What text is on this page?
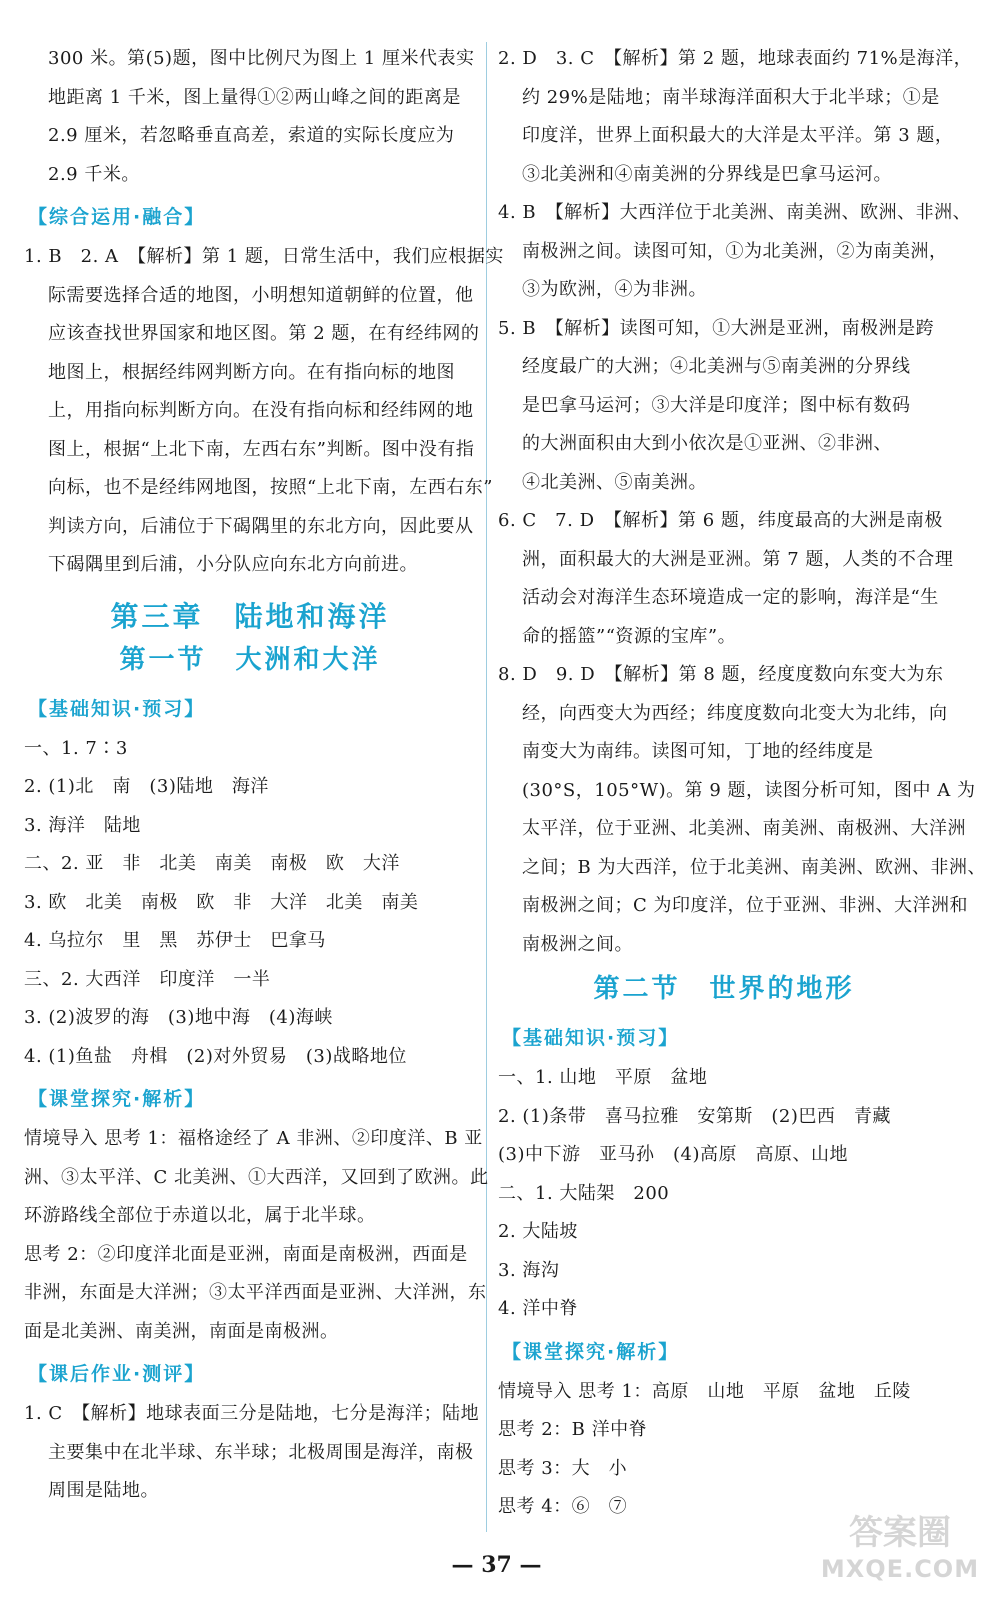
300 米。第(5)题，图中比例尺为图上 1 厘米代表实

地距离 1 千米，图上量得①②两山峰之间的距离是

2.9 厘米，若忽略垂直高差，索道的实际长度应为

2.9 千米。

【综合运用·融合】

1. B　2. A　【解析】第 1 题，日常生活中，我们应根据实

际需要选择合适的地图，小明想知道朝鲜的位置，他

应该查找世界国家和地区图。第 2 题，在有经纬网的

地图上，根据经纬网判断方向。在有指向标的地图

上，用指向标判断方向。在没有指向标和经纬网的地

图上，根据“上北下南，左西右东”判断。图中没有指

向标，也不是经纬网地图，按照“上北下南，左西右东”

判读方向，后浦位于下碣隅里的东北方向，因此要从

下碣隅里到后浦，小分队应向东北方向前进。

第三章　陆地和海洋
第一节　大洲和大洋
【基础知识·预习】

一、1. 7∶3

2. (1)北　南　(3)陆地　海洋

3. 海洋　陆地

二、2. 亚　非　北美　南美　南极　欧　大洋

3. 欧　北美　南极　欧　非　大洋　北美　南美

4. 乌拉尔　里　黑　苏伊士　巴拿马

三、2. 大西洋　印度洋　一半

3. (2)波罗的海　(3)地中海　(4)海峡

4. (1)鱼盐　舟楫　(2)对外贸易　(3)战略地位

【课堂探究·解析】

情境导入 思考 1：福格途经了 A 非洲、②印度洋、B 亚

洲、③太平洋、C 北美洲、①大西洋，又回到了欧洲。此

环游路线全部位于赤道以北，属于北半球。

思考 2：②印度洋北面是亚洲，南面是南极洲，西面是

非洲，东面是大洋洲；③太平洋西面是亚洲、大洋洲，东

面是北美洲、南美洲，南面是南极洲。

【课后作业·测评】

1. C　【解析】地球表面三分是陆地，七分是海洋；陆地

主要集中在北半球、东半球；北极周围是海洋，南极

周围是陆地。

2. D　3. C　【解析】第 2 题，地球表面约 71%是海洋，

约 29%是陆地；南半球海洋面积大于北半球；①是

印度洋，世界上面积最大的大洋是太平洋。第 3 题，

③北美洲和④南美洲的分界线是巴拿马运河。

4. B　【解析】大西洋位于北美洲、南美洲、欧洲、非洲、

南极洲之间。读图可知，①为北美洲，②为南美洲，

③为欧洲，④为非洲。

5. B　【解析】读图可知，①大洲是亚洲，南极洲是跨

经度最广的大洲；④北美洲与⑤南美洲的分界线

是巴拿马运河；③大洋是印度洋；图中标有数码

的大洲面积由大到小依次是①亚洲、②非洲、

④北美洲、⑤南美洲。

6. C　7. D　【解析】第 6 题，纬度最高的大洲是南极

洲，面积最大的大洲是亚洲。第 7 题，人类的不合理

活动会对海洋生态环境造成一定的影响，海洋是“生

命的摇篮”“资源的宝库”。

8. D　9. D　【解析】第 8 题，经度度数向东变大为东

经，向西变大为西经；纬度度数向北变大为北纬，向

南变大为南纬。读图可知，丁地的经纬度是

(30°S，105°W)。第 9 题，读图分析可知，图中 A 为

太平洋，位于亚洲、北美洲、南美洲、南极洲、大洋洲

之间；B 为大西洋，位于北美洲、南美洲、欧洲、非洲、

南极洲之间；C 为印度洋，位于亚洲、非洲、大洋洲和

南极洲之间。

第二节　世界的地形
【基础知识·预习】

一、1. 山地　平原　盆地

2. (1)条带　喜马拉雅　安第斯　(2)巴西　青藏

(3)中下游　亚马孙　(4)高原　高原、山地

二、1. 大陆架　200

2. 大陆坡

3. 海沟

4. 洋中脊

【课堂探究·解析】

情境导入 思考 1：高原　山地　平原　盆地　丘陵

思考 2：B 洋中脊

思考 3：大　小

思考 4：⑥　⑦

— 37 —
答案圈
MXQE.COM
